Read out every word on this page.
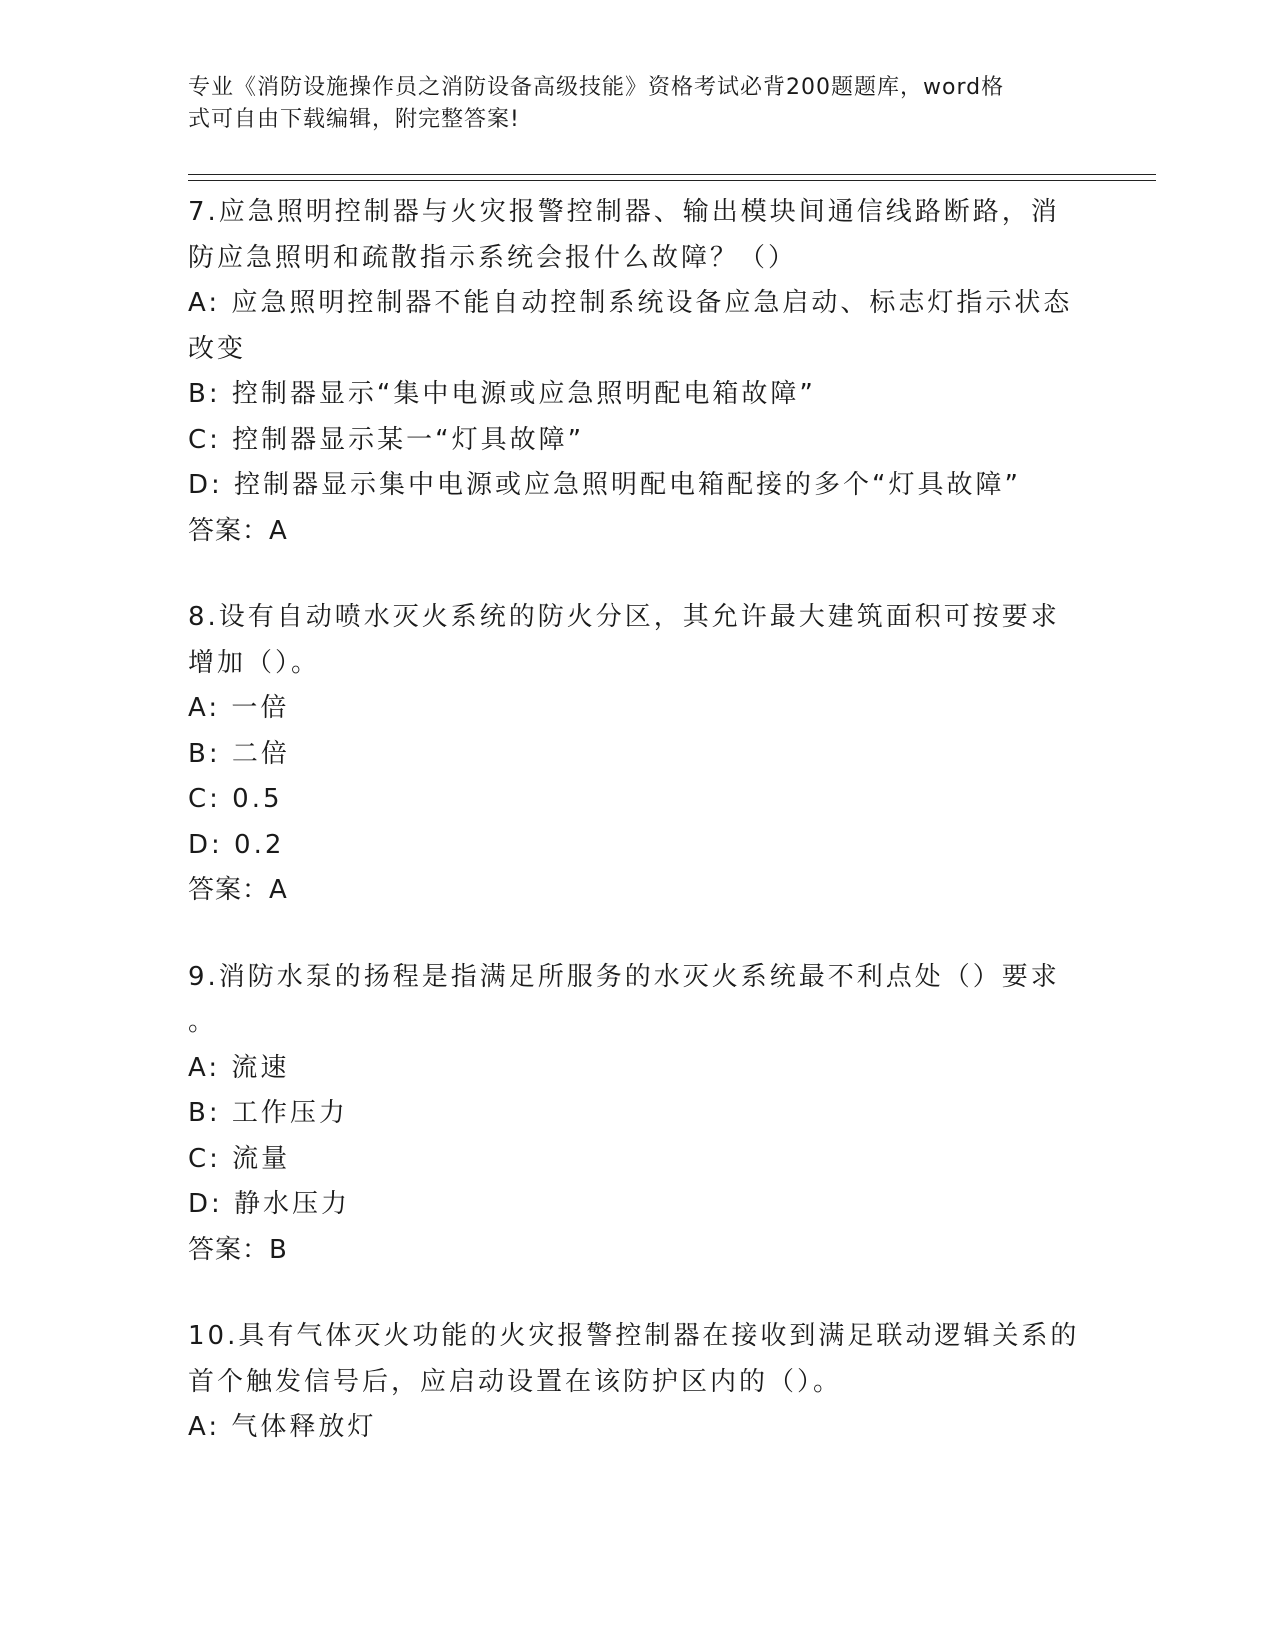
专业《消防设施操作员之消防设备高级技能》资格考试必背200题题库，word格
式可自由下载编辑，附完整答案!

7.应急照明控制器与火灾报警控制器、输出模块间通信线路断路，消

防应急照明和疏散指示系统会报什么故障？（）

A: 应急照明控制器不能自动控制系统设备应急启动、标志灯指示状态

改变

B: 控制器显示“集中电源或应急照明配电箱故障”

C: 控制器显示某一“灯具故障”

D: 控制器显示集中电源或应急照明配电箱配接的多个“灯具故障”

答案：A

8.设有自动喷水灭火系统的防火分区，其允许最大建筑面积可按要求

增加（）。

A: 一倍

B: 二倍

C: 0.5

D: 0.2

答案：A

9.消防水泵的扬程是指满足所服务的水灭火系统最不利点处（）要求

。

A: 流速

B: 工作压力

C: 流量

D: 静水压力

答案：B

10.具有气体灭火功能的火灾报警控制器在接收到满足联动逻辑关系的

首个触发信号后，应启动设置在该防护区内的（）。

A: 气体释放灯
